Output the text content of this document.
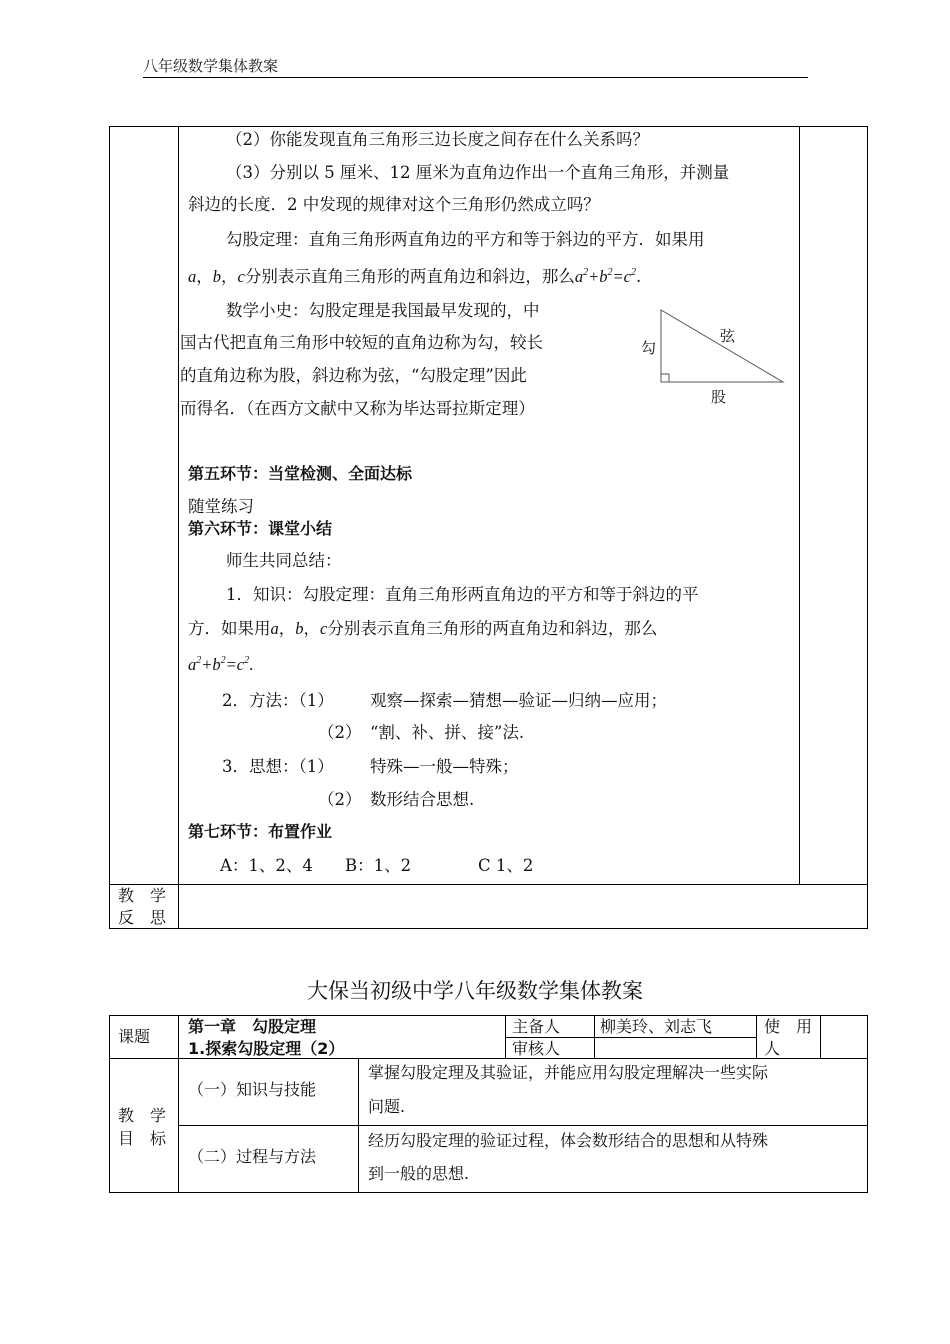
八年级数学集体教案
（2）你能发现直角三角形三边长度之间存在什么关系吗？
（3）分别以 5 厘米、12 厘米为直角边作出一个直角三角形，并测量
斜边的长度．2 中发现的规律对这个三角形仍然成立吗？
勾股定理：直角三角形两直角边的平方和等于斜边的平方．如果用
a，b，c分别表示直角三角形的两直角边和斜边，那么$a^2+b^2=c^2$.
数学小史：勾股定理是我国最早发现的，中
国古代把直角三角形中较短的直角边称为勾，较长
的直角边称为股，斜边称为弦，“勾股定理”因此
而得名．（在西方文献中又称为毕达哥拉斯定理）
勾
弦
股
第五环节：当堂检测、全面达标
随堂练习
第六环节：课堂小结
师生共同总结：
1．知识：勾股定理：直角三角形两直角边的平方和等于斜边的平
方．如果用a，b，c分别表示直角三角形的两直角边和斜边，那么
$a^2+b^2=c^2$.
2．方法：（1） 观察—探索—猜想—验证—归纳—应用；
（2） “割、补、拼、接”法.
3．思想：（1） 特殊—一般—特殊；
（2） 数形结合思想.
第七环节：布置作业
A：1、2、4 B：1、2	C 1、2
教　学
反　思
大保当初级中学八年级数学集体教案
课题
第一章　勾股定理
1.探索勾股定理（2）
主备人 柳美玲、刘志飞
审核人
使　用
人
教　学
目　标
（一）知识与技能
掌握勾股定理及其验证，并能应用勾股定理解决一些实际
问题.
（二）过程与方法
经历勾股定理的验证过程，体会数形结合的思想和从特殊
到一般的思想.
